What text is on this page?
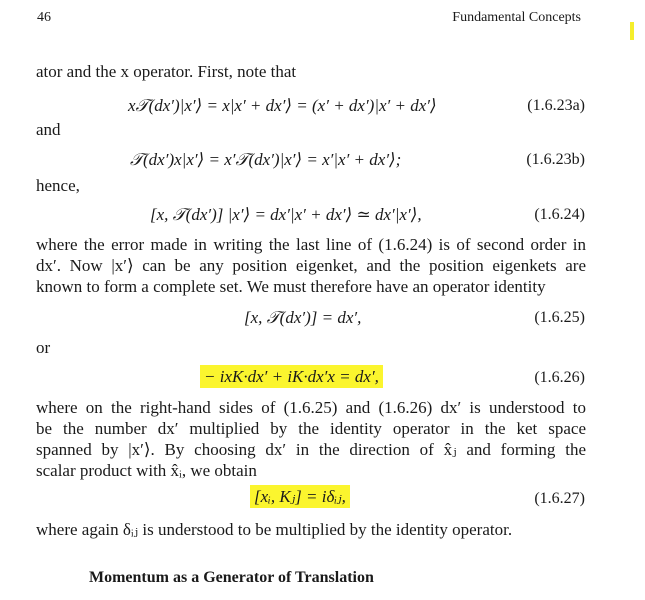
46	Fundamental Concepts
ator and the x operator. First, note that
x𝒯(dx′)|x′⟩ = x|x′ + dx′⟩ = (x′ + dx′)|x′ + dx′⟩	(1.6.23a)
and
𝒯(dx′)x|x′⟩ = x′𝒯(dx′)|x′⟩ = x′|x′ + dx′⟩;	(1.6.23b)
hence,
[x, 𝒯(dx′)] |x′⟩ = dx′|x′ + dx′⟩ ≃ dx′|x′⟩,	(1.6.24)
where the error made in writing the last line of (1.6.24) is of second order in
dx′. Now |x′⟩ can be any position eigenket, and the position eigenkets are
known to form a complete set. We must therefore have an operator identity
[x, 𝒯(dx′)] = dx′,	(1.6.25)
or
− ixK·dx′ + iK·dx′x = dx′,	(1.6.26)
where on the right-hand sides of (1.6.25) and (1.6.26) dx′ is understood to
be the number dx′ multiplied by the identity operator in the ket space
spanned by |x′⟩. By choosing dx′ in the direction of x̂ⱼ and forming the
scalar product with x̂ᵢ, we obtain
[xᵢ, Kⱼ] = iδᵢⱼ,	(1.6.27)
where again δᵢⱼ is understood to be multiplied by the identity operator.
Momentum as a Generator of Translation
